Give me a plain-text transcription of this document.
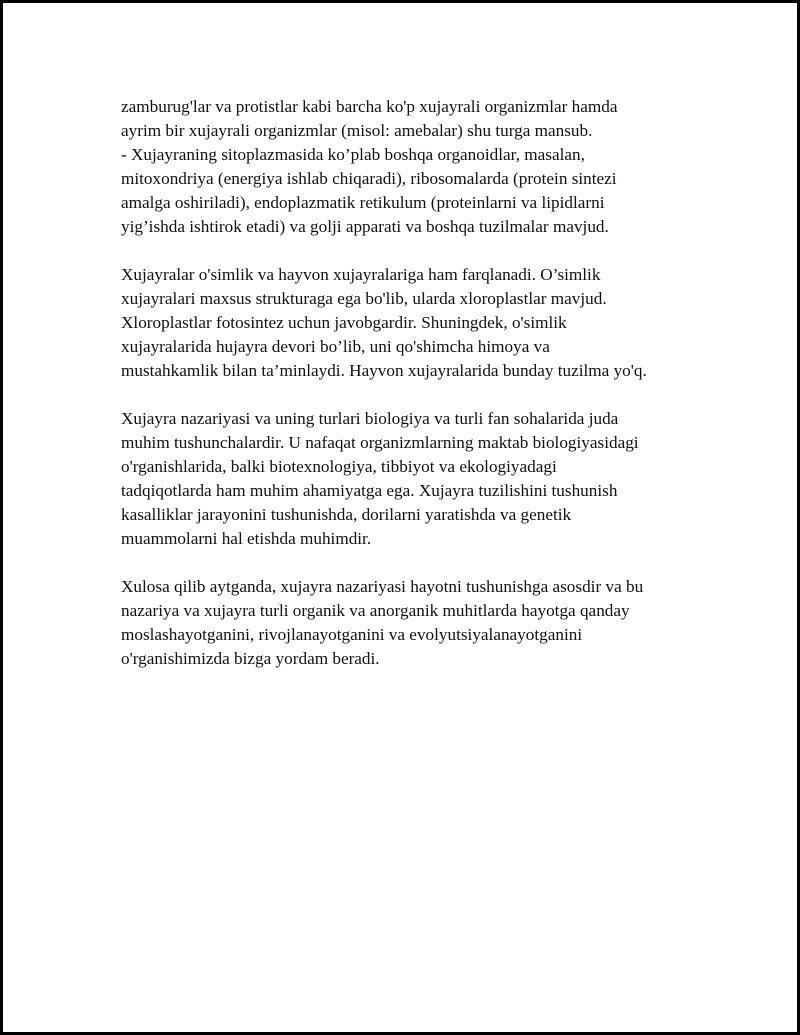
zamburug'lar va protistlar kabi barcha ko'p xujayrali organizmlar hamda
ayrim bir xujayrali organizmlar (misol: amebalar) shu turga mansub.
- Xujayraning sitoplazmasida ko’plab boshqa organoidlar, masalan,
mitoxondriya (energiya ishlab chiqaradi), ribosomalarda (protein sintezi
amalga oshiriladi), endoplazmatik retikulum (proteinlarni va lipidlarni
yig’ishda ishtirok etadi) va golji apparati va boshqa tuzilmalar mavjud.

Xujayralar o'simlik va hayvon xujayralariga ham farqlanadi. O’simlik
xujayralari maxsus strukturaga ega bo'lib, ularda xloroplastlar mavjud.
Xloroplastlar fotosintez uchun javobgardir. Shuningdek, o'simlik
xujayralarida hujayra devori bo’lib, uni qo'shimcha himoya va
mustahkamlik bilan ta’minlaydi. Hayvon xujayralarida bunday tuzilma yo'q.

Xujayra nazariyasi va uning turlari biologiya va turli fan sohalarida juda
muhim tushunchalardir. U nafaqat organizmlarning maktab biologiyasidagi
o'rganishlarida, balki biotexnologiya, tibbiyot va ekologiyadagi
tadqiqotlarda ham muhim ahamiyatga ega. Xujayra tuzilishini tushunish
kasalliklar jarayonini tushunishda, dorilarni yaratishda va genetik
muammolarni hal etishda muhimdir.

Xulosa qilib aytganda, xujayra nazariyasi hayotni tushunishga asosdir va bu
nazariya va xujayra turli organik va anorganik muhitlarda hayotga qanday
moslashayotganini, rivojlanayotganini va evolyutsiyalanayotganini
o'rganishimizda bizga yordam beradi.
